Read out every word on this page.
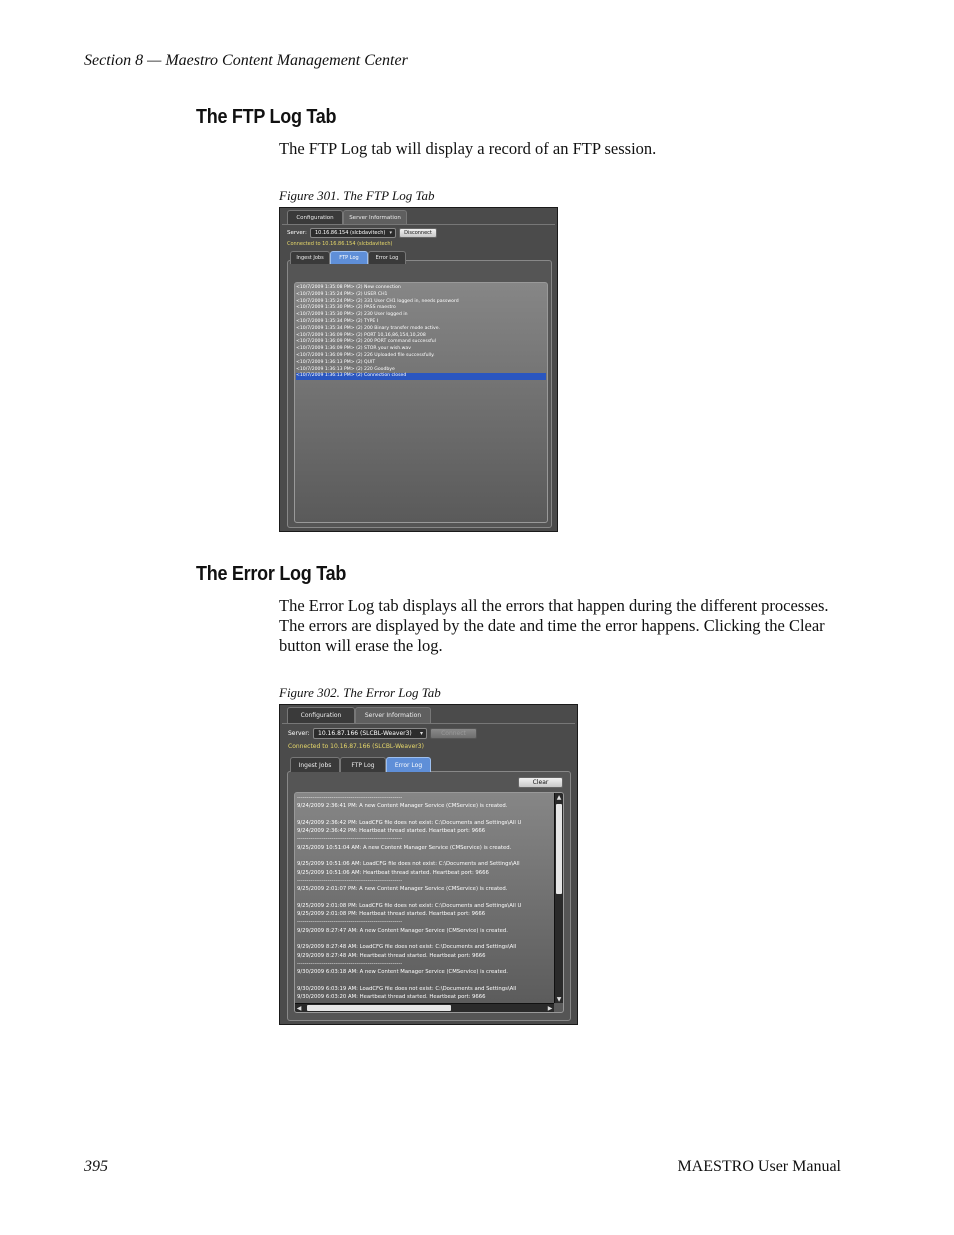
Section 8 — Maestro Content Management Center
The FTP Log Tab
The FTP Log tab will display a record of an FTP session.
Figure 301. The FTP Log Tab
Configuration	Server Information
Server: 10.16.86.154 (slcbdavitech) ▾	Disconnect
Connected to 10.16.86.154 (slcbdavitech)
Ingest Jobs	FTP Log	Error Log
<10/7/2009 1:35:08 PM> (2) New connection
<10/7/2009 1:35:24 PM> (2) USER CH1
<10/7/2009 1:35:24 PM> (2) 331 User CH1 logged in, needs password
<10/7/2009 1:35:30 PM> (2) PASS maestro
<10/7/2009 1:35:30 PM> (2) 230 User logged in
<10/7/2009 1:35:34 PM> (2) TYPE I
<10/7/2009 1:35:34 PM> (2) 200 Binary transfer mode active.
<10/7/2009 1:36:09 PM> (2) PORT 10,16,86,154,10,208
<10/7/2009 1:36:09 PM> (2) 200 PORT command successful
<10/7/2009 1:36:09 PM> (2) STOR your wish.wav
<10/7/2009 1:36:09 PM> (2) 226 Uploaded file successfully.
<10/7/2009 1:36:13 PM> (2) QUIT
<10/7/2009 1:36:13 PM> (2) 220 Goodbye
<10/7/2009 1:36:13 PM> (2) Connection closed
The Error Log Tab
The Error Log tab displays all the errors that happen during the different processes. The errors are displayed by the date and time the error happens. Clicking the Clear button will erase the log.
Figure 302. The Error Log Tab
Configuration	Server Information
Server: 10.16.87.166 (SLCBL-Weaver3) ▾	Connect
Connected to 10.16.87.166 (SLCBL-Weaver3)
Ingest Jobs	FTP Log	Error Log
Clear
-------------------------------------------------------
9/24/2009 2:36:41 PM: A new Content Manager Service (CMService) is created.

9/24/2009 2:36:42 PM: LoadCFG file does not exist: C:\Documents and Settings\All U
9/24/2009 2:36:42 PM: Heartbeat thread started. Heartbeat port: 9666
-------------------------------------------------------
9/25/2009 10:51:04 AM: A new Content Manager Service (CMService) is created.

9/25/2009 10:51:06 AM: LoadCFG file does not exist: C:\Documents and Settings\All
9/25/2009 10:51:06 AM: Heartbeat thread started. Heartbeat port: 9666
-------------------------------------------------------
9/25/2009 2:01:07 PM: A new Content Manager Service (CMService) is created.

9/25/2009 2:01:08 PM: LoadCFG file does not exist: C:\Documents and Settings\All U
9/25/2009 2:01:08 PM: Heartbeat thread started. Heartbeat port: 9666
-------------------------------------------------------
9/29/2009 8:27:47 AM: A new Content Manager Service (CMService) is created.

9/29/2009 8:27:48 AM: LoadCFG file does not exist: C:\Documents and Settings\All
9/29/2009 8:27:48 AM: Heartbeat thread started. Heartbeat port: 9666
-------------------------------------------------------
9/30/2009 6:03:18 AM: A new Content Manager Service (CMService) is created.

9/30/2009 6:03:19 AM: LoadCFG file does not exist: C:\Documents and Settings\All
9/30/2009 6:03:20 AM: Heartbeat thread started. Heartbeat port: 9666
▲
▼
◀	▶
395	MAESTRO User Manual
